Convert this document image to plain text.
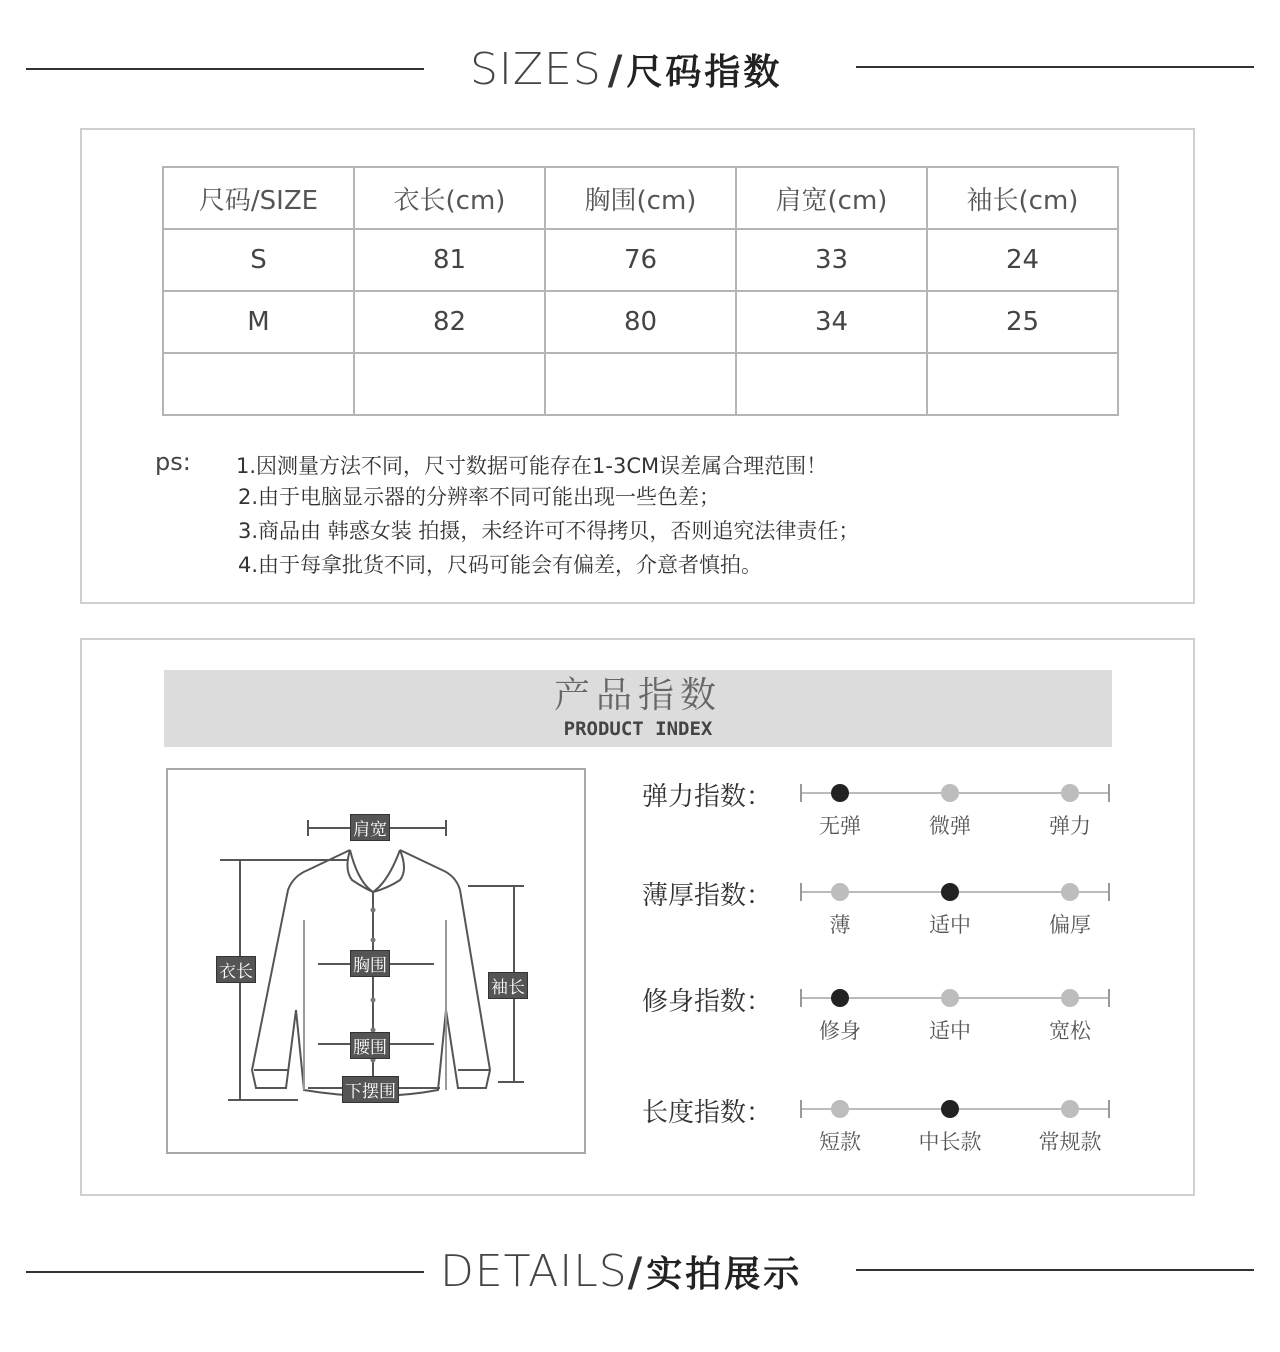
SIZES / 尺码指数
尺码/SIZE	衣长(cm)	胸围(cm)	肩宽(cm)	袖长(cm)
S	81	76	33	24
M	82	80	34	25

ps: 1.因测量方法不同，尺寸数据可能存在1-3CM误差属合理范围！
2.由于电脑显示器的分辨率不同可能出现一些色差；
3.商品由 韩惑女装 拍摄，未经许可不得拷贝，否则追究法律责任；
4.由于每拿批货不同，尺码可能会有偏差，介意者慎拍。
产品指数
PRODUCT INDEX
肩宽
衣长	胸围
袖长
腰围
下摆围
弹力指数：
无弹	微弹	弹力
薄厚指数：
薄	适中	偏厚
修身指数：
修身	适中	宽松
长度指数：
短款	中长款	常规款
DETAILS / 实拍展示
